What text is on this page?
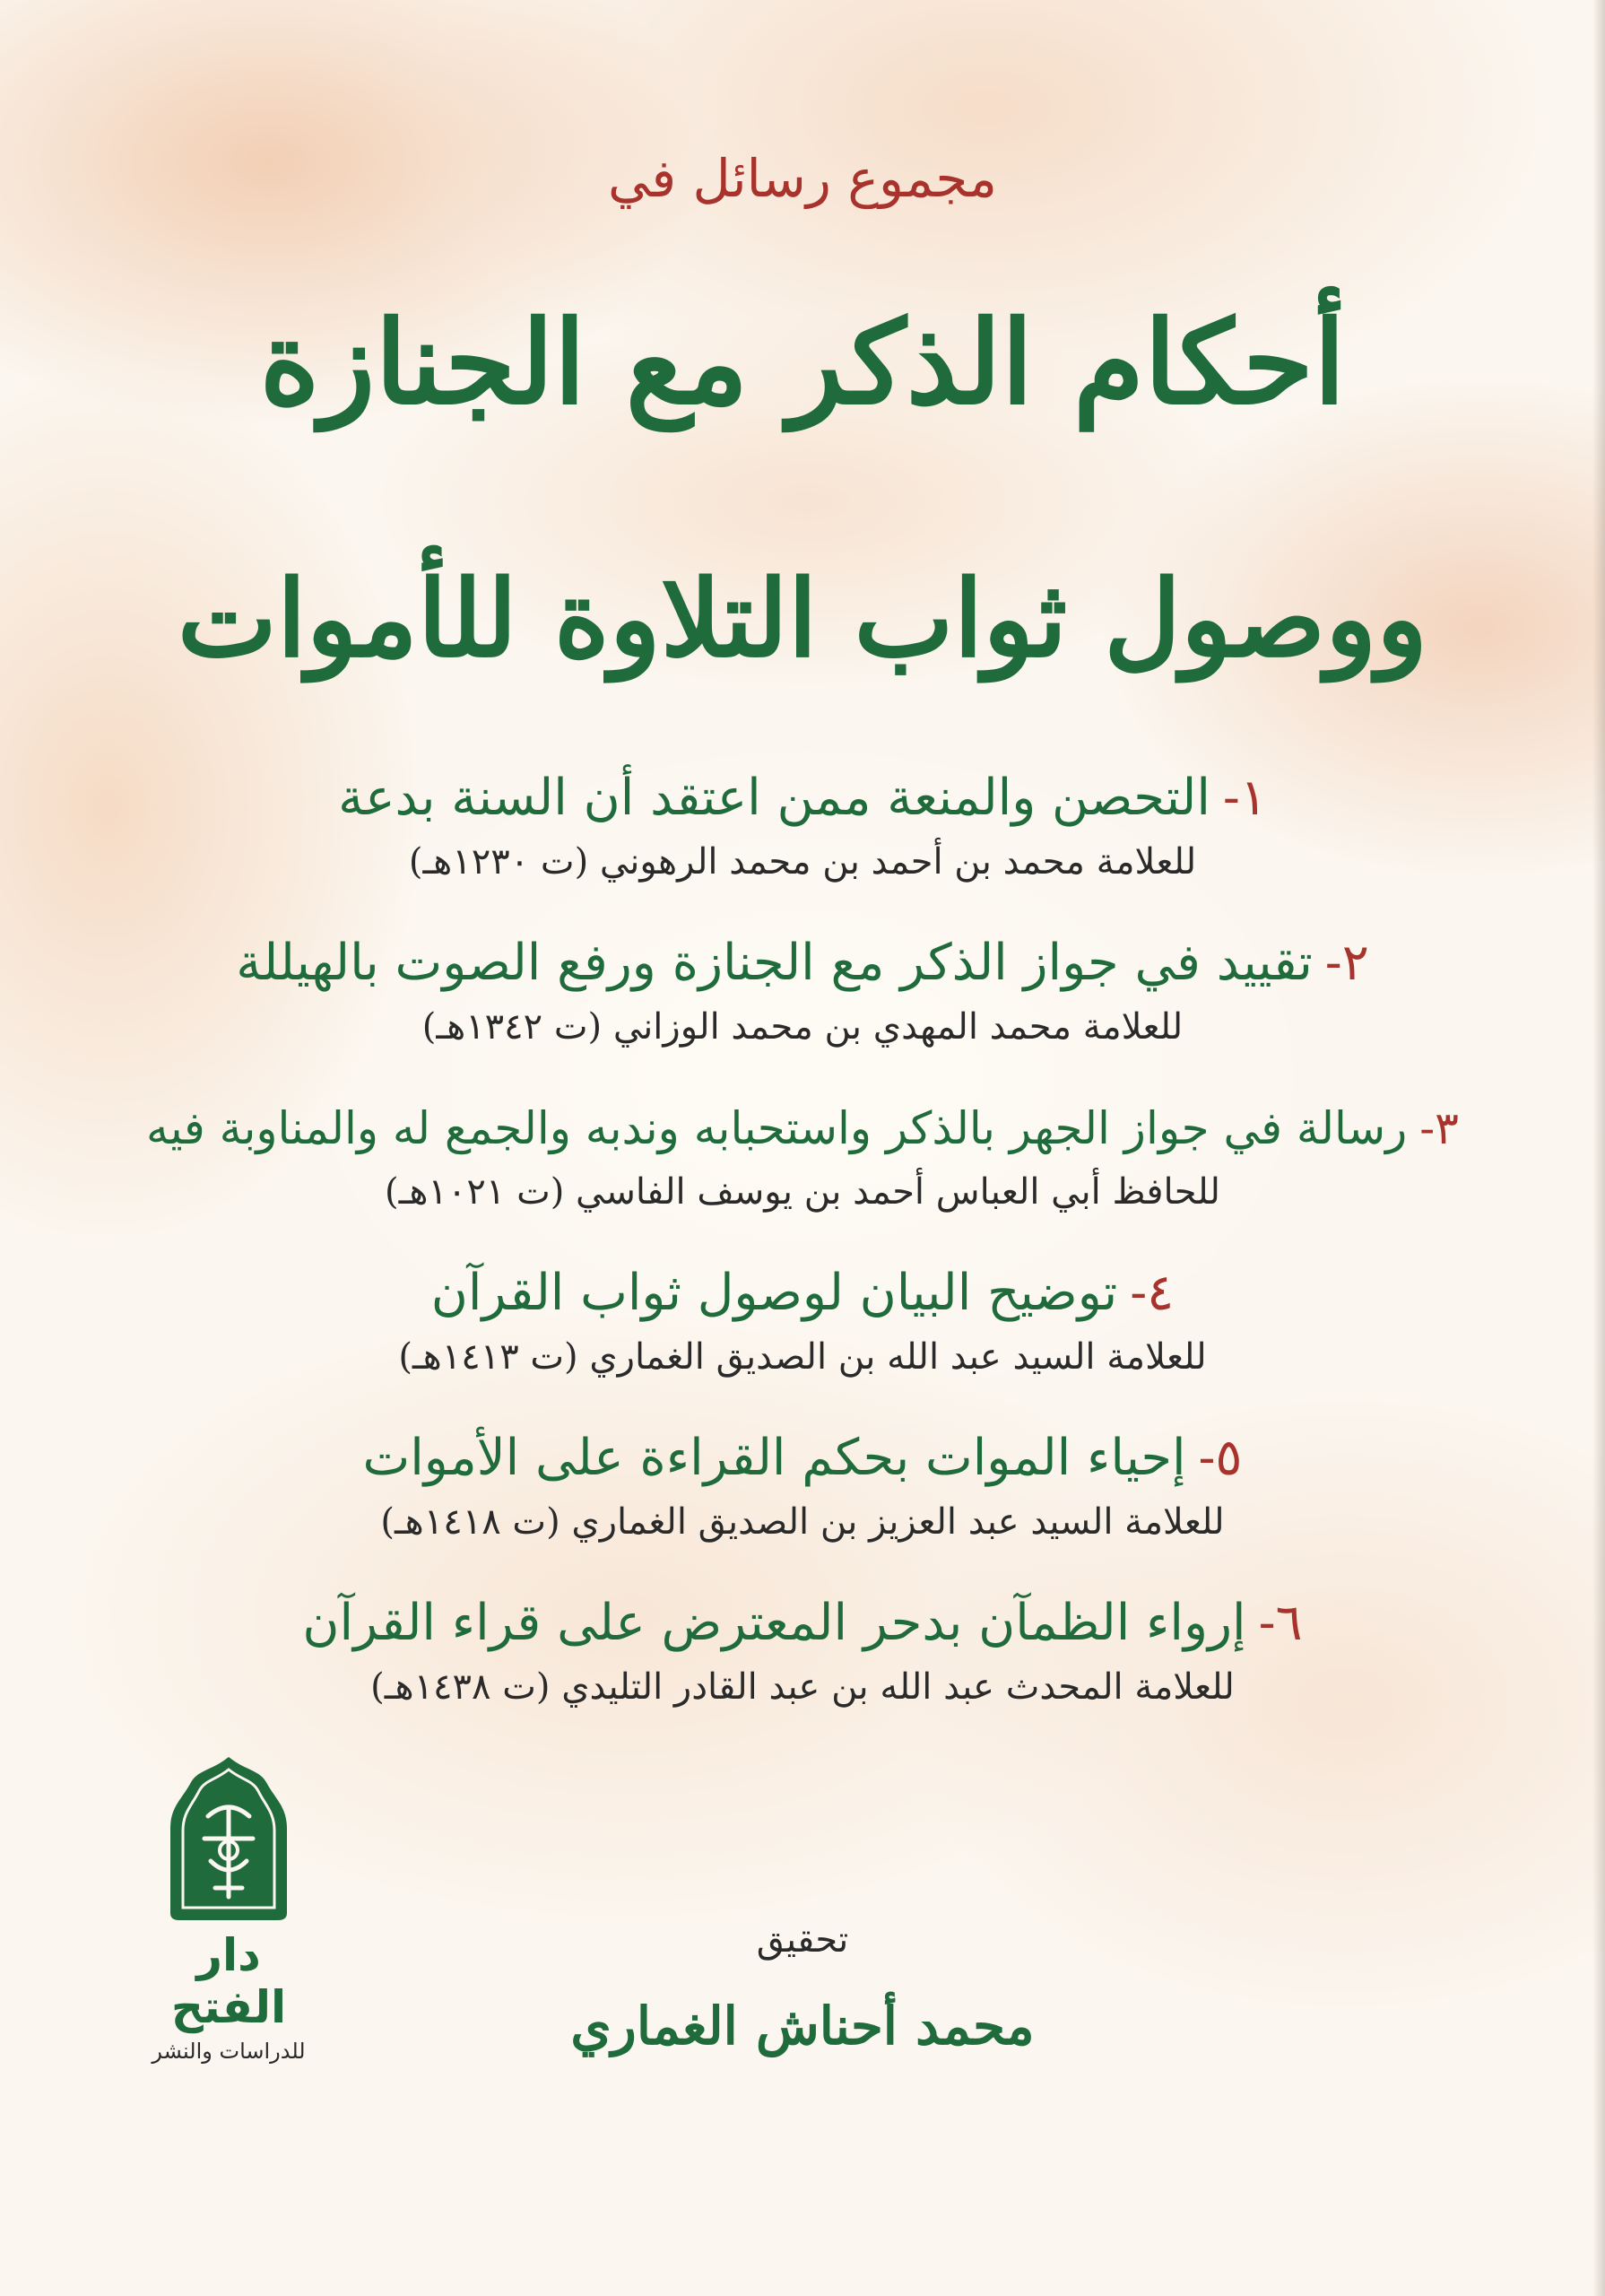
مجموع رسائل في
أحكام الذكر مع الجنازة
ووصول ثواب التلاوة للأموات
١-التحصن والمنعة ممن اعتقد أن السنة بدعة
للعلامة محمد بن أحمد بن محمد الرهوني (ت ١٢٣٠هـ)
٢-تقييد في جواز الذكر مع الجنازة ورفع الصوت بالهيللة
للعلامة محمد المهدي بن محمد الوزاني (ت ١٣٤٢هـ)
٣-رسالة في جواز الجهر بالذكر واستحبابه وندبه والجمع له والمناوبة فيه
للحافظ أبي العباس أحمد بن يوسف الفاسي (ت ١٠٢١هـ)
٤-توضيح البيان لوصول ثواب القرآن
للعلامة السيد عبد الله بن الصديق الغماري (ت ١٤١٣هـ)
٥-إحياء الموات بحكم القراءة على الأموات
للعلامة السيد عبد العزيز بن الصديق الغماري (ت ١٤١٨هـ)
٦-إرواء الظمآن بدحر المعترض على قراء القرآن
للعلامة المحدث عبد الله بن عبد القادر التليدي (ت ١٤٣٨هـ)
تحقيق
محمد أحناش الغماري
دار الفتح
للدراسات والنشر
